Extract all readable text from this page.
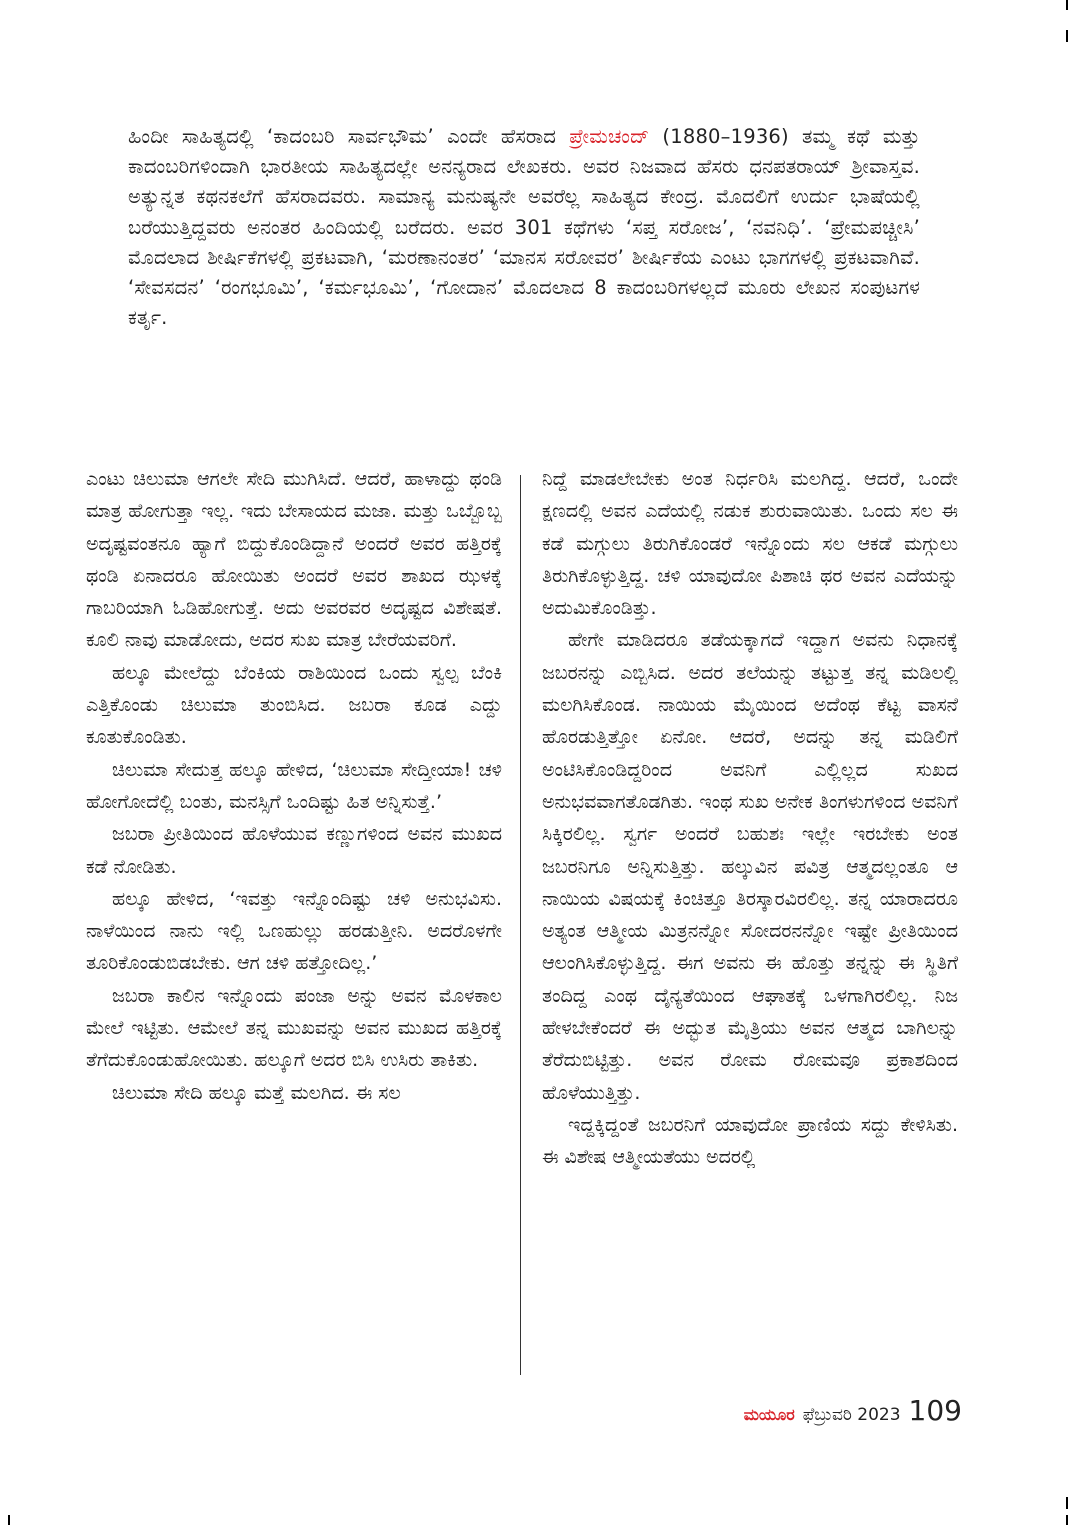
ಹಿಂದೀ ಸಾಹಿತ್ಯದಲ್ಲಿ ‘ಕಾದಂಬರಿ ಸಾರ್ವಭೌಮ’ ಎಂದೇ ಹೆಸರಾದ ಪ್ರೇಮಚಂದ್ (1880–1936) ತಮ್ಮ ಕಥೆ ಮತ್ತು ಕಾದಂಬರಿಗಳಿಂದಾಗಿ ಭಾರತೀಯ ಸಾಹಿತ್ಯದಲ್ಲೇ ಅನನ್ಯರಾದ ಲೇಖಕರು. ಅವರ ನಿಜವಾದ ಹೆಸರು ಧನಪತರಾಯ್ ಶ್ರೀವಾಸ್ತವ. ಅತ್ಯುನ್ನತ ಕಥನಕಲೆಗೆ ಹೆಸರಾದವರು. ಸಾಮಾನ್ಯ ಮನುಷ್ಯನೇ ಅವರೆಲ್ಲ ಸಾಹಿತ್ಯದ ಕೇಂದ್ರ. ಮೊದಲಿಗೆ ಉರ್ದು ಭಾಷೆಯಲ್ಲಿ ಬರೆಯುತ್ತಿದ್ದವರು ಅನಂತರ ಹಿಂದಿಯಲ್ಲಿ ಬರೆದರು. ಅವರ 301 ಕಥೆಗಳು ‘ಸಪ್ತ ಸರೋಜ’, ‘ನವನಿಧಿ’. ‘ಪ್ರೇಮಪಚ್ಚೀಸಿ’ ಮೊದಲಾದ ಶೀರ್ಷಿಕೆಗಳಲ್ಲಿ ಪ್ರಕಟವಾಗಿ, ‘ಮರಣಾನಂತರ’ ‘ಮಾನಸ ಸರೋವರ’ ಶೀರ್ಷಿಕೆಯ ಎಂಟು ಭಾಗಗಳಲ್ಲಿ ಪ್ರಕಟವಾಗಿವೆ. ‘ಸೇವಸದನ’ ‘ರಂಗಭೂಮಿ’, ‘ಕರ್ಮಭೂಮಿ’, ‘ಗೋದಾನ’ ಮೊದಲಾದ 8 ಕಾದಂಬರಿಗಳಲ್ಲದೆ ಮೂರು ಲೇಖನ ಸಂಪುಟಗಳ ಕರ್ತೃ.

ಎಂಟು ಚಿಲುಮಾ ಆಗಲೇ ಸೇದಿ ಮುಗಿಸಿದೆ. ಆದರೆ, ಹಾಳಾದ್ದು ಥಂಡಿ ಮಾತ್ರ ಹೋಗುತ್ತಾ ಇಲ್ಲ. ಇದು ಬೇಸಾಯದ ಮಜಾ. ಮತ್ತು ಒಬ್ಬೊಬ್ಬ ಅದೃಷ್ಟವಂತನೂ ಹ್ಯಾಗೆ ಬಿದ್ದುಕೊಂಡಿದ್ದಾನೆ ಅಂದರೆ ಅವರ ಹತ್ತಿರಕ್ಕೆ ಥಂಡಿ ಏನಾದರೂ ಹೋಯಿತು ಅಂದರೆ ಅವರ ಶಾಖದ ಝಳಕ್ಕೆ ಗಾಬರಿಯಾಗಿ ಓಡಿಹೋಗುತ್ತೆ. ಅದು ಅವರವರ ಅದೃಷ್ಟದ ವಿಶೇಷತೆ. ಕೂಲಿ ನಾವು ಮಾಡೋದು, ಅದರ ಸುಖ ಮಾತ್ರ ಬೇರೆಯವರಿಗೆ.

ಹಲ್ಕೂ ಮೇಲೆದ್ದು ಬೆಂಕಿಯ ರಾಶಿಯಿಂದ ಒಂದು ಸ್ವಲ್ಪ ಬೆಂಕಿ ಎತ್ತಿಕೊಂಡು ಚಿಲುಮಾ ತುಂಬಿಸಿದ. ಜಬರಾ ಕೂಡ ಎದ್ದು ಕೂತುಕೊಂಡಿತು.

ಚಿಲುಮಾ ಸೇದುತ್ತ ಹಲ್ಕೂ ಹೇಳಿದ, ‘ಚಿಲುಮಾ ಸೇದ್ತೀಯಾ! ಚಳಿ ಹೋಗೋದೆಲ್ಲಿ ಬಂತು, ಮನಸ್ಸಿಗೆ ಒಂದಿಷ್ಟು ಹಿತ ಅನ್ನಿಸುತ್ತೆ.’

ಜಬರಾ ಪ್ರೀತಿಯಿಂದ ಹೊಳೆಯುವ ಕಣ್ಣುಗಳಿಂದ ಅವನ ಮುಖದ ಕಡೆ ನೋಡಿತು.

ಹಲ್ಕೂ ಹೇಳಿದ, ‘ಇವತ್ತು ಇನ್ನೊಂದಿಷ್ಟು ಚಳಿ ಅನುಭವಿಸು. ನಾಳೆಯಿಂದ ನಾನು ಇಲ್ಲಿ ಒಣಹುಲ್ಲು ಹರಡುತ್ತೀನಿ. ಅದರೊಳಗೇ ತೂರಿಕೊಂಡುಬಿಡಬೇಕು. ಆಗ ಚಳಿ ಹತ್ತೋದಿಲ್ಲ.’

ಜಬರಾ ಕಾಲಿನ ಇನ್ನೊಂದು ಪಂಜಾ ಅನ್ನು ಅವನ ಮೊಳಕಾಲ ಮೇಲೆ ಇಟ್ಟಿತು. ಆಮೇಲೆ ತನ್ನ ಮುಖವನ್ನು ಅವನ ಮುಖದ ಹತ್ತಿರಕ್ಕೆ ತೆಗೆದುಕೊಂಡುಹೋಯಿತು. ಹಲ್ಕೂಗೆ ಅದರ ಬಿಸಿ ಉಸಿರು ತಾಕಿತು.

ಚಿಲುಮಾ ಸೇದಿ ಹಲ್ಕೂ ಮತ್ತೆ ಮಲಗಿದ. ಈ ಸಲ

ನಿದ್ದೆ ಮಾಡಲೇಬೇಕು ಅಂತ ನಿರ್ಧರಿಸಿ ಮಲಗಿದ್ದ. ಆದರೆ, ಒಂದೇ ಕ್ಷಣದಲ್ಲಿ ಅವನ ಎದೆಯಲ್ಲಿ ನಡುಕ ಶುರುವಾಯಿತು. ಒಂದು ಸಲ ಈ ಕಡೆ ಮಗ್ಗುಲು ತಿರುಗಿಕೊಂಡರೆ ಇನ್ನೊಂದು ಸಲ ಆಕಡೆ ಮಗ್ಗುಲು ತಿರುಗಿಕೊಳ್ಳುತ್ತಿದ್ದ. ಚಳಿ ಯಾವುದೋ ಪಿಶಾಚಿ ಥರ ಅವನ ಎದೆಯನ್ನು ಅದುಮಿಕೊಂಡಿತ್ತು.

ಹೇಗೇ ಮಾಡಿದರೂ ತಡೆಯಕ್ಕಾಗದೆ ಇದ್ದಾಗ ಅವನು ನಿಧಾನಕ್ಕೆ ಜಬರನನ್ನು ಎಬ್ಬಿಸಿದ. ಅದರ ತಲೆಯನ್ನು ತಟ್ಟುತ್ತ ತನ್ನ ಮಡಿಲಲ್ಲಿ ಮಲಗಿಸಿಕೊಂಡ. ನಾಯಿಯ ಮೈಯಿಂದ ಅದೆಂಥ ಕೆಟ್ಟ ವಾಸನೆ ಹೊರಡುತ್ತಿತ್ತೋ ಏನೋ. ಆದರೆ, ಅದನ್ನು ತನ್ನ ಮಡಿಲಿಗೆ ಅಂಟಿಸಿಕೊಂಡಿದ್ದರಿಂದ ಅವನಿಗೆ ಎಲ್ಲಿಲ್ಲದ ಸುಖದ ಅನುಭವವಾಗತೊಡಗಿತು. ಇಂಥ ಸುಖ ಅನೇಕ ತಿಂಗಳುಗಳಿಂದ ಅವನಿಗೆ ಸಿಕ್ಕಿರಲಿಲ್ಲ. ಸ್ವರ್ಗ ಅಂದರೆ ಬಹುಶಃ ಇಲ್ಲೇ ಇರಬೇಕು ಅಂತ ಜಬರನಿಗೂ ಅನ್ನಿಸುತ್ತಿತ್ತು. ಹಲ್ಕುವಿನ ಪವಿತ್ರ ಆತ್ಮದಲ್ಲಂತೂ ಆ ನಾಯಿಯ ವಿಷಯಕ್ಕೆ ಕಿಂಚಿತ್ತೂ ತಿರಸ್ಕಾರವಿರಲಿಲ್ಲ. ತನ್ನ ಯಾರಾದರೂ ಅತ್ಯಂತ ಆತ್ಮೀಯ ಮಿತ್ರನನ್ನೋ ಸೋದರನನ್ನೋ ಇಷ್ಟೇ ಪ್ರೀತಿಯಿಂದ ಆಲಂಗಿಸಿಕೊಳ್ಳುತ್ತಿದ್ದ. ಈಗ ಅವನು ಈ ಹೊತ್ತು ತನ್ನನ್ನು ಈ ಸ್ಥಿತಿಗೆ ತಂದಿದ್ದ ಎಂಥ ದೈನ್ಯತೆಯಿಂದ ಆಘಾತಕ್ಕೆ ಒಳಗಾಗಿರಲಿಲ್ಲ. ನಿಜ ಹೇಳಬೇಕೆಂದರೆ ಈ ಅದ್ಭುತ ಮೈತ್ರಿಯು ಅವನ ಆತ್ಮದ ಬಾಗಿಲನ್ನು ತೆರೆದುಬಿಟ್ಟಿತ್ತು. ಅವನ ರೋಮ ರೋಮವೂ ಪ್ರಕಾಶದಿಂದ ಹೊಳೆಯುತ್ತಿತ್ತು.

ಇದ್ದಕ್ಕಿದ್ದಂತೆ ಜಬರನಿಗೆ ಯಾವುದೋ ಪ್ರಾಣಿಯ ಸದ್ದು ಕೇಳಿಸಿತು. ಈ ವಿಶೇಷ ಆತ್ಮೀಯತೆಯು ಅದರಲ್ಲಿ

ಮಯೂರ ಫೆಬ್ರುವರಿ 2023 109
